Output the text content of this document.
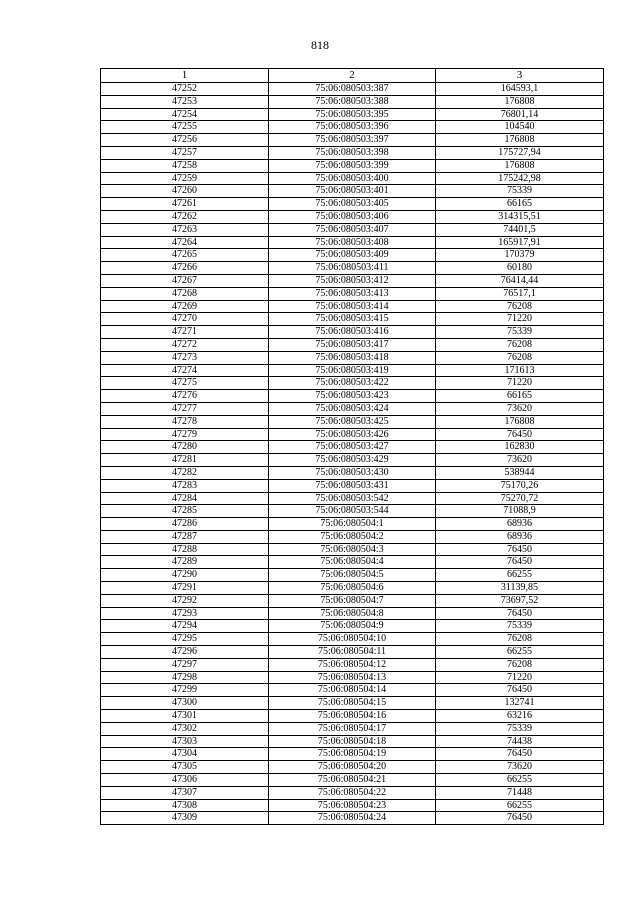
818
1	2	3
47252	75:06:080503:387	164593,1
47253	75:06:080503:388	176808
47254	75:06:080503:395	76801,14
47255	75:06:080503:396	104540
47256	75:06:080503:397	176808
47257	75:06:080503:398	175727,94
47258	75:06:080503:399	176808
47259	75:06:080503:400	175242,98
47260	75:06:080503:401	75339
47261	75:06:080503:405	66165
47262	75:06:080503:406	314315,51
47263	75:06:080503:407	74401,5
47264	75:06:080503:408	165917,91
47265	75:06:080503:409	170379
47266	75:06:080503:411	60180
47267	75:06:080503:412	76414,44
47268	75:06:080503:413	76517,1
47269	75:06:080503:414	76208
47270	75:06:080503:415	71220
47271	75:06:080503:416	75339
47272	75:06:080503:417	76208
47273	75:06:080503:418	76208
47274	75:06:080503:419	171613
47275	75:06:080503:422	71220
47276	75:06:080503:423	66165
47277	75:06:080503:424	73620
47278	75:06:080503:425	176808
47279	75:06:080503:426	76450
47280	75:06:080503:427	162830
47281	75:06:080503:429	73620
47282	75:06:080503:430	538944
47283	75:06:080503:431	75170,26
47284	75:06:080503:542	75270,72
47285	75:06:080503:544	71088,9
47286	75:06:080504:1	68936
47287	75:06:080504:2	68936
47288	75:06:080504:3	76450
47289	75:06:080504:4	76450
47290	75:06:080504:5	66255
47291	75:06:080504:6	31139,85
47292	75:06:080504:7	73697,52
47293	75:06:080504:8	76450
47294	75:06:080504:9	75339
47295	75:06:080504:10	76208
47296	75:06:080504:11	66255
47297	75:06:080504:12	76208
47298	75:06:080504:13	71220
47299	75:06:080504:14	76450
47300	75:06:080504:15	132741
47301	75:06:080504:16	63216
47302	75:06:080504:17	75339
47303	75:06:080504:18	74438
47304	75:06:080504:19	76450
47305	75:06:080504:20	73620
47306	75:06:080504:21	66255
47307	75:06:080504:22	71448
47308	75:06:080504:23	66255
47309	75:06:080504:24	76450
